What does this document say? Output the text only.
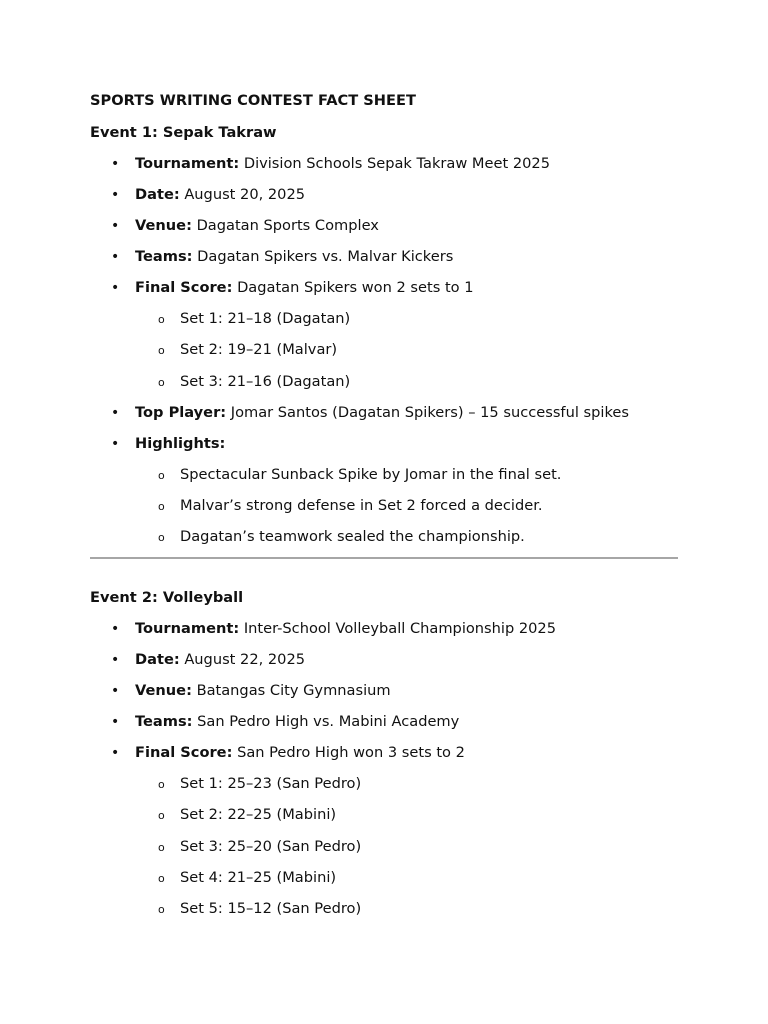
SPORTS WRITING CONTEST FACT SHEET
Event 1: Sepak Takraw
• Tournament: Division Schools Sepak Takraw Meet 2025
• Date: August 20, 2025
• Venue: Dagatan Sports Complex
• Teams: Dagatan Spikers vs. Malvar Kickers
• Final Score: Dagatan Spikers won 2 sets to 1
o Set 1: 21–18 (Dagatan)
o Set 2: 19–21 (Malvar)
o Set 3: 21–16 (Dagatan)
• Top Player: Jomar Santos (Dagatan Spikers) – 15 successful spikes
• Highlights:
o Spectacular Sunback Spike by Jomar in the final set.
o Malvar’s strong defense in Set 2 forced a decider.
o Dagatan’s teamwork sealed the championship.
Event 2: Volleyball
• Tournament: Inter-School Volleyball Championship 2025
• Date: August 22, 2025
• Venue: Batangas City Gymnasium
• Teams: San Pedro High vs. Mabini Academy
• Final Score: San Pedro High won 3 sets to 2
o Set 1: 25–23 (San Pedro)
o Set 2: 22–25 (Mabini)
o Set 3: 25–20 (San Pedro)
o Set 4: 21–25 (Mabini)
o Set 5: 15–12 (San Pedro)
